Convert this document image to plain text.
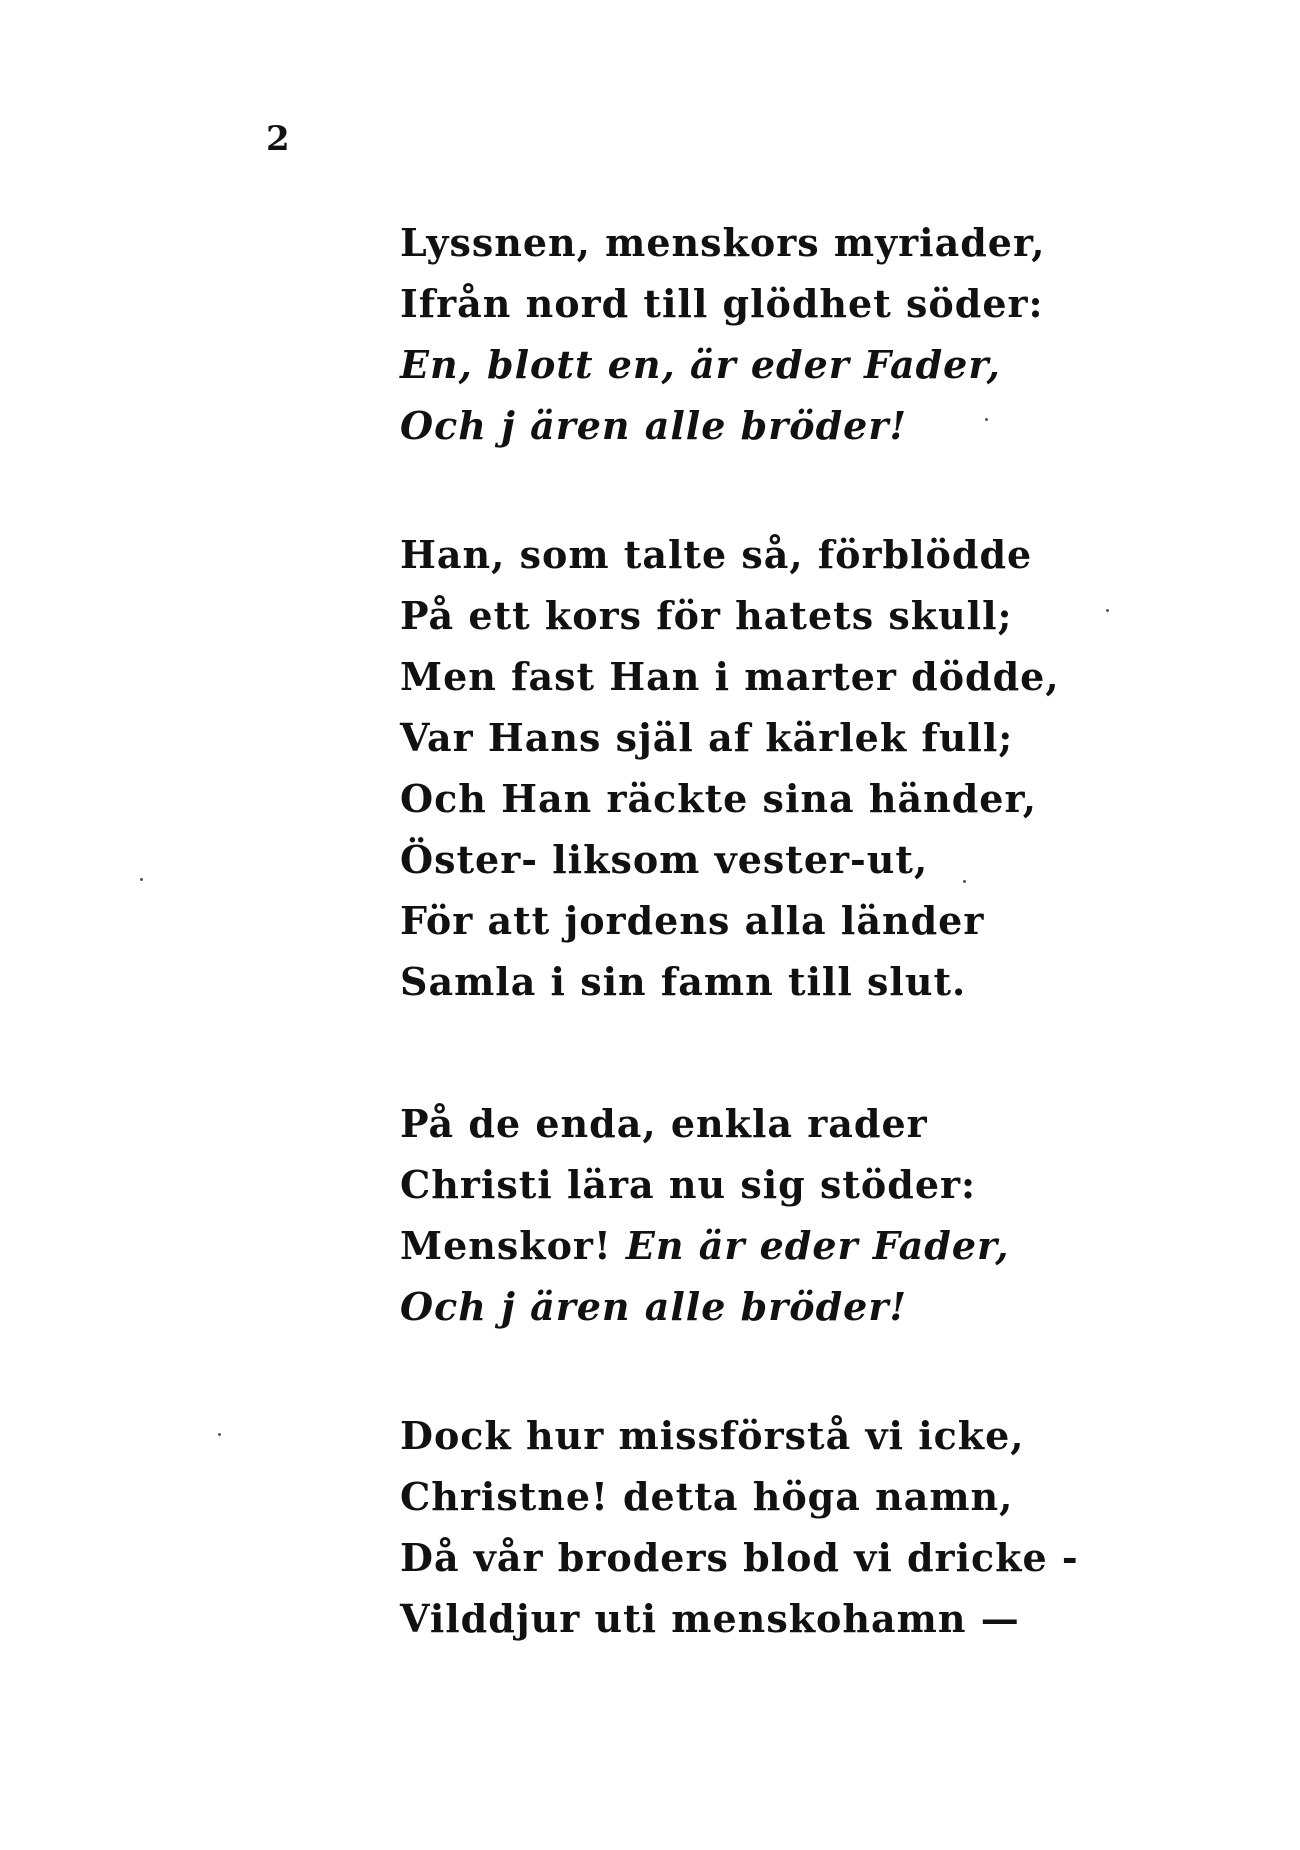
2
Lyssnen, menskors myriader,
Ifrån nord till glödhet söder:
En, blott en, är eder Fader,
Och j ären alle bröder!
Han, som talte så, förblödde
På ett kors för hatets skull;
Men fast Han i marter dödde,
Var Hans själ af kärlek full;
Och Han räckte sina händer,
Öster- liksom vester-ut,
För att jordens alla länder
Samla i sin famn till slut.
På de enda, enkla rader
Christi lära nu sig stöder:
Menskor! En är eder Fader,
Och j ären alle bröder!
Dock hur missförstå vi icke,
Christne! detta höga namn,
Då vår broders blod vi dricke -
Vilddjur uti menskohamn —
